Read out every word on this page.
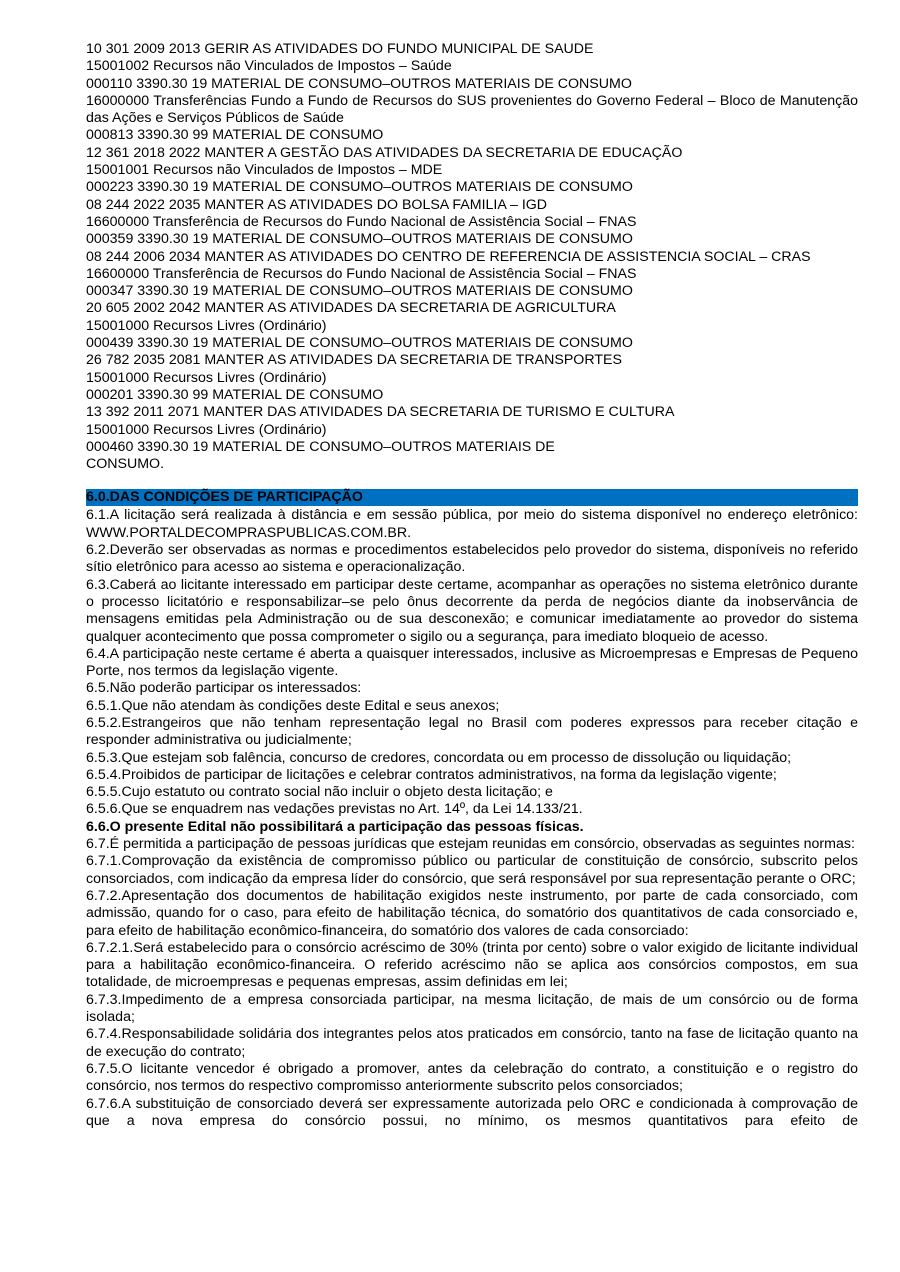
10 301 2009 2013 GERIR AS ATIVIDADES DO FUNDO MUNICIPAL DE SAUDE
15001002 Recursos não Vinculados de Impostos – Saúde
000110 3390.30 19 MATERIAL DE CONSUMO–OUTROS MATERIAIS DE CONSUMO
16000000 Transferências Fundo a Fundo de Recursos do SUS provenientes do Governo Federal – Bloco de Manutenção das Ações e Serviços Públicos de Saúde
000813 3390.30 99 MATERIAL DE CONSUMO
12 361 2018 2022 MANTER A GESTÃO DAS ATIVIDADES DA SECRETARIA DE EDUCAÇÃO
15001001 Recursos não Vinculados de Impostos – MDE
000223 3390.30 19 MATERIAL DE CONSUMO–OUTROS MATERIAIS DE CONSUMO
08 244 2022 2035 MANTER AS ATIVIDADES DO BOLSA FAMILIA – IGD
16600000 Transferência de Recursos do Fundo Nacional de Assistência Social – FNAS
000359 3390.30 19 MATERIAL DE CONSUMO–OUTROS MATERIAIS DE CONSUMO
08 244 2006 2034 MANTER AS ATIVIDADES DO CENTRO DE REFERENCIA DE ASSISTENCIA SOCIAL – CRAS
16600000 Transferência de Recursos do Fundo Nacional de Assistência Social – FNAS
000347 3390.30 19 MATERIAL DE CONSUMO–OUTROS MATERIAIS DE CONSUMO
20 605 2002 2042 MANTER AS ATIVIDADES DA SECRETARIA DE AGRICULTURA
15001000 Recursos Livres (Ordinário)
000439 3390.30 19 MATERIAL DE CONSUMO–OUTROS MATERIAIS DE CONSUMO
26 782 2035 2081 MANTER AS ATIVIDADES DA SECRETARIA DE TRANSPORTES
15001000 Recursos Livres (Ordinário)
000201 3390.30 99 MATERIAL DE CONSUMO
13 392 2011 2071 MANTER DAS ATIVIDADES DA SECRETARIA DE TURISMO E CULTURA
15001000 Recursos Livres (Ordinário)
000460 3390.30 19 MATERIAL DE CONSUMO–OUTROS MATERIAIS DE
CONSUMO.
6.0.DAS CONDIÇÕES DE PARTICIPAÇÃO
6.1.A licitação será realizada à distância e em sessão pública, por meio do sistema disponível no endereço eletrônico: WWW.PORTALDECOMPRASPUBLICAS.COM.BR.
6.2.Deverão ser observadas as normas e procedimentos estabelecidos pelo provedor do sistema, disponíveis no referido sítio eletrônico para acesso ao sistema e operacionalização.
6.3.Caberá ao licitante interessado em participar deste certame, acompanhar as operações no sistema eletrônico durante o processo licitatório e responsabilizar–se pelo ônus decorrente da perda de negócios diante da inobservância de mensagens emitidas pela Administração ou de sua desconexão; e comunicar imediatamente ao provedor do sistema qualquer acontecimento que possa comprometer o sigilo ou a segurança, para imediato bloqueio de acesso.
6.4.A participação neste certame é aberta a quaisquer interessados, inclusive as Microempresas e Empresas de Pequeno Porte, nos termos da legislação vigente.
6.5.Não poderão participar os interessados:
6.5.1.Que não atendam às condições deste Edital e seus anexos;
6.5.2.Estrangeiros que não tenham representação legal no Brasil com poderes expressos para receber citação e responder administrativa ou judicialmente;
6.5.3.Que estejam sob falência, concurso de credores, concordata ou em processo de dissolução ou liquidação;
6.5.4.Proibidos de participar de licitações e celebrar contratos administrativos, na forma da legislação vigente;
6.5.5.Cujo estatuto ou contrato social não incluir o objeto desta licitação; e
6.5.6.Que se enquadrem nas vedações previstas no Art. 14º, da Lei 14.133/21.
6.6.O presente Edital não possibilitará a participação das pessoas físicas.
6.7.É permitida a participação de pessoas jurídicas que estejam reunidas em consórcio, observadas as seguintes normas:
6.7.1.Comprovação da existência de compromisso público ou particular de constituição de consórcio, subscrito pelos consorciados, com indicação da empresa líder do consórcio, que será responsável por sua representação perante o ORC;
6.7.2.Apresentação dos documentos de habilitação exigidos neste instrumento, por parte de cada consorciado, com admissão, quando for o caso, para efeito de habilitação técnica, do somatório dos quantitativos de cada consorciado e, para efeito de habilitação econômico-financeira, do somatório dos valores de cada consorciado:
6.7.2.1.Será estabelecido para o consórcio acréscimo de 30% (trinta por cento) sobre o valor exigido de licitante individual para a habilitação econômico-financeira. O referido acréscimo não se aplica aos consórcios compostos, em sua totalidade, de microempresas e pequenas empresas, assim definidas em lei;
6.7.3.Impedimento de a empresa consorciada participar, na mesma licitação, de mais de um consórcio ou de forma isolada;
6.7.4.Responsabilidade solidária dos integrantes pelos atos praticados em consórcio, tanto na fase de licitação quanto na de execução do contrato;
6.7.5.O licitante vencedor é obrigado a promover, antes da celebração do contrato, a constituição e o registro do consórcio, nos termos do respectivo compromisso anteriormente subscrito pelos consorciados;
6.7.6.A substituição de consorciado deverá ser expressamente autorizada pelo ORC e condicionada à comprovação de que a nova empresa do consórcio possui, no mínimo, os mesmos quantitativos para efeito de
